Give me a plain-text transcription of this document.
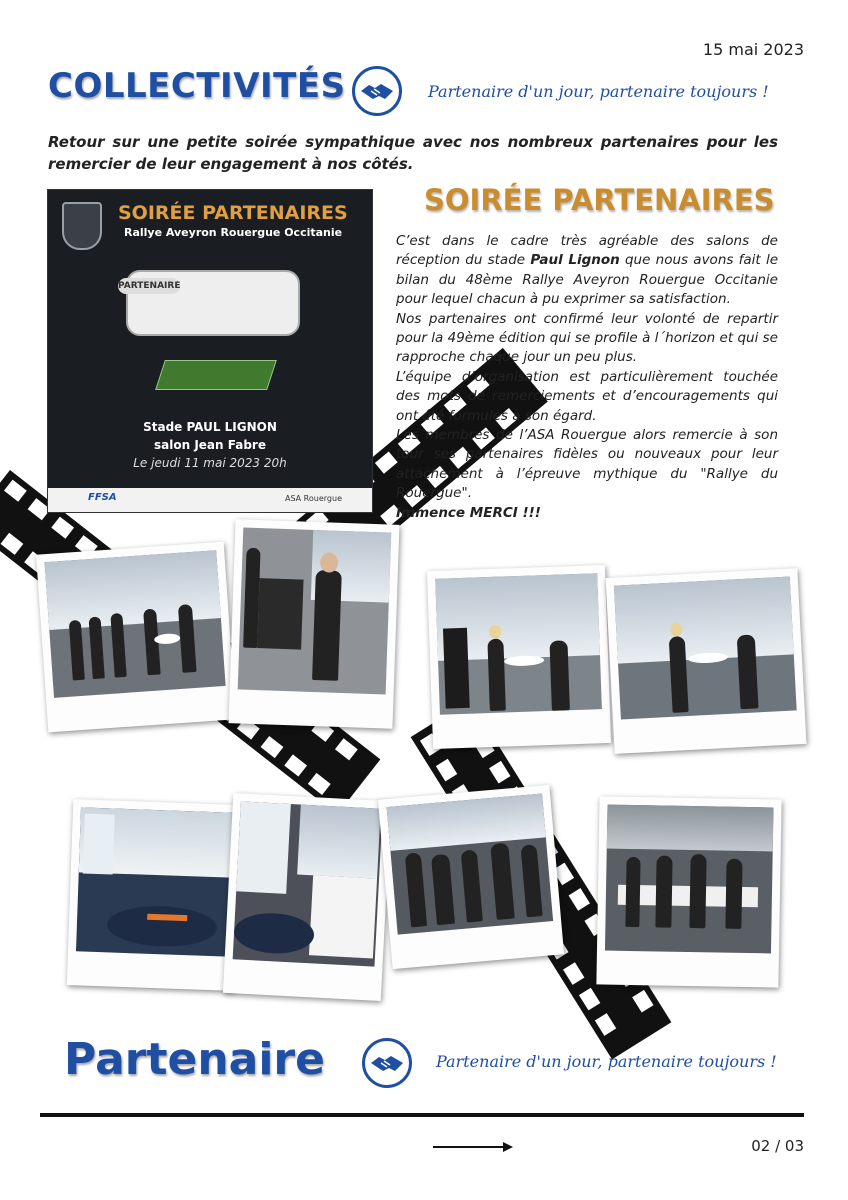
15 mai 2023
COLLECTIVITÉS	Partenaire d'un jour, partenaire toujours !
Retour sur une petite soirée sympathique avec nos nombreux partenaires pour les remercier de leur engagement à nos côtés.
SOIRÉE PARTENAIRES
Rallye Aveyron Rouergue Occitanie
PARTENAIRE
Stade PAUL LIGNON
salon Jean Fabre
Le jeudi 11 mai 2023 20h
FFSA	ASA Rouergue
SOIRÉE PARTENAIRES

C’est dans le cadre très agréable des salons de réception du stade Paul Lignon que nous avons fait le bilan du 48ème Rallye Aveyron Rouergue Occitanie pour lequel chacun à pu exprimer sa satisfaction.

Nos partenaires ont confirmé leur volonté de repartir pour la 49ème édition qui se profile à l´horizon et qui se rapproche chaque jour un peu plus.

L’équipe d’organisation est particulièrement touchée des mots de remerciements et d’encouragements qui ont été formulés à son égard.

Les membres de l’ASA Rouergue alors remercie à son tour ses partenaires fidèles ou nouveaux pour leur attachement à l’épreuve mythique du "Rallye du Rouergue".

Immence MERCI !!!

Partenaire	Partenaire d'un jour, partenaire toujours !
02 / 03
